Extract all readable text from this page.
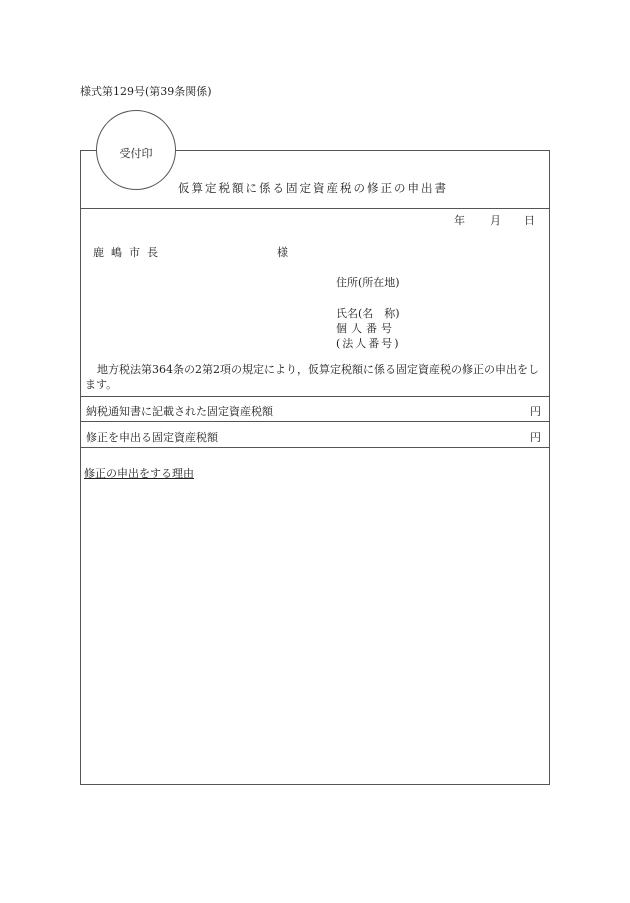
様式第129号(第39条関係)
受付印
仮算定税額に係る固定資産税の修正の申出書
年 月 日
鹿嶋市長	様
住所(所在地)
氏名(名　称)
個人番号
(法人番号)
地方税法第364条の2第2項の規定により，仮算定税額に係る固定資産税の修正の申出をします。
納税通知書に記載された固定資産税額	円
修正を申出る固定資産税額	円
修正の申出をする理由
